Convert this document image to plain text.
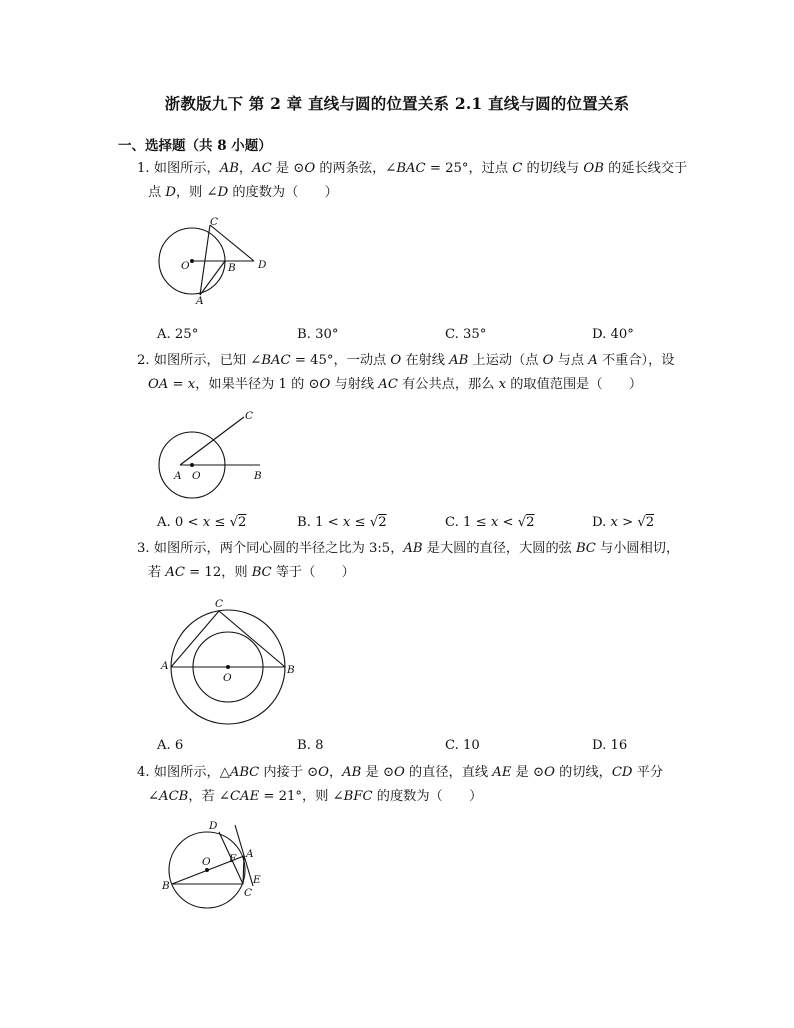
浙教版九下 第 2 章 直线与圆的位置关系 2.1 直线与圆的位置关系
一、选择题（共 8 小题）
1. 如图所示，𝐴𝐵，𝐴𝐶 是 ⊙𝑂 的两条弦，∠𝐵𝐴𝐶 = 25°，过点 𝐶 的切线与 𝑂𝐵 的延长线交于
点 𝐷，则 ∠𝐷 的度数为（　　）
C
O	B D
A
A. 25°	B. 30°	C. 35°	D. 40°
2. 如图所示，已知 ∠𝐵𝐴𝐶 = 45°，一动点 𝑂 在射线 𝐴𝐵 上运动（点 𝑂 与点 𝐴 不重合），设
𝑂𝐴 = 𝑥，如果半径为 1 的 ⊙𝑂 与射线 𝐴𝐶 有公共点，那么 𝑥 的取值范围是（　　）
C
A O	B
A. 0 < 𝑥 ≤ √2	B. 1 < 𝑥 ≤ √2	C. 1 ≤ 𝑥 < √2	D. 𝑥 > √2
3. 如图所示，两个同心圆的半径之比为 3:5，𝐴𝐵 是大圆的直径，大圆的弦 𝐵𝐶 与小圆相切，
若 𝐴𝐶 = 12，则 𝐵𝐶 等于（　　）
C
A
O
B
A. 6	B. 8	C. 10	D. 16
4. 如图所示，△𝐴𝐵𝐶 内接于 ⊙𝑂，𝐴𝐵 是 ⊙𝑂 的直径，直线 𝐴𝐸 是 ⊙𝑂 的切线，𝐶𝐷 平分
∠𝐴𝐶𝐵，若 ∠𝐶𝐴𝐸 = 21°，则 ∠𝐵𝐹𝐶 的度数为（　　）
D
O F A
B
C
E
